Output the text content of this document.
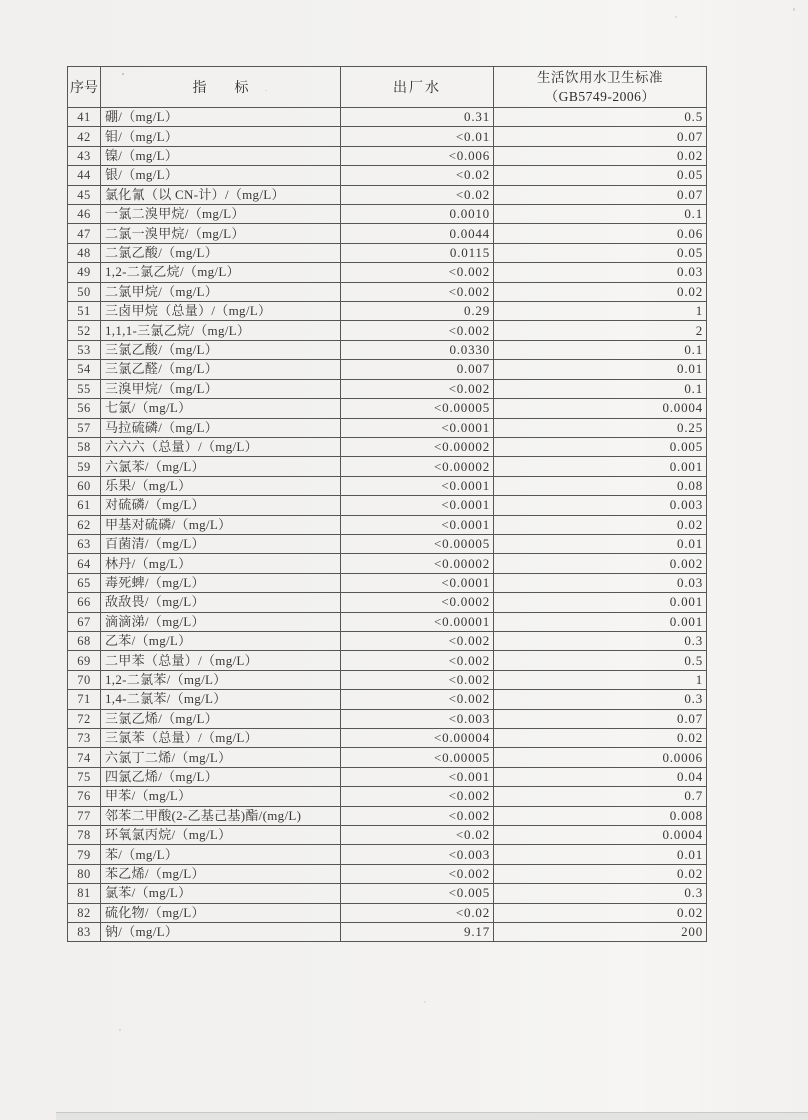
序号	指　　标	出厂水	生活饮用水卫生标准
（GB5749-2006）

41	硼/（mg/L）	0.31	0.5
42	钼/（mg/L）	<0.01	0.07
43	镍/（mg/L）	<0.006	0.02
44	银/（mg/L）	<0.02	0.05
45	氯化氰（以 CN-计）/（mg/L）	<0.02	0.07
46	一氯二溴甲烷/（mg/L）	0.0010	0.1
47	二氯一溴甲烷/（mg/L）	0.0044	0.06
48	二氯乙酸/（mg/L）	0.0115	0.05
49	1,2-二氯乙烷/（mg/L）	<0.002	0.03
50	二氯甲烷/（mg/L）	<0.002	0.02
51	三卤甲烷（总量）/（mg/L）	0.29	1
52	1,1,1-三氯乙烷/（mg/L）	<0.002	2
53	三氯乙酸/（mg/L）	0.0330	0.1
54	三氯乙醛/（mg/L）	0.007	0.01
55	三溴甲烷/（mg/L）	<0.002	0.1
56	七氯/（mg/L）	<0.00005	0.0004
57	马拉硫磷/（mg/L）	<0.0001	0.25
58	六六六（总量）/（mg/L）	<0.00002	0.005
59	六氯苯/（mg/L）	<0.00002	0.001
60	乐果/（mg/L）	<0.0001	0.08
61	对硫磷/（mg/L）	<0.0001	0.003
62	甲基对硫磷/（mg/L）	<0.0001	0.02
63	百菌清/（mg/L）	<0.00005	0.01
64	林丹/（mg/L）	<0.00002	0.002
65	毒死蜱/（mg/L）	<0.0001	0.03
66	敌敌畏/（mg/L）	<0.0002	0.001
67	滴滴涕/（mg/L）	<0.00001	0.001
68	乙苯/（mg/L）	<0.002	0.3
69	二甲苯（总量）/（mg/L）	<0.002	0.5
70	1,2-二氯苯/（mg/L）	<0.002	1
71	1,4-二氯苯/（mg/L）	<0.002	0.3
72	三氯乙烯/（mg/L）	<0.003	0.07
73	三氯苯（总量）/（mg/L）	<0.00004	0.02
74	六氯丁二烯/（mg/L）	<0.00005	0.0006
75	四氯乙烯/（mg/L）	<0.001	0.04
76	甲苯/（mg/L）	<0.002	0.7
77	邻苯二甲酸(2-乙基己基)酯/(mg/L)	<0.002	0.008
78	环氧氯丙烷/（mg/L）	<0.02	0.0004
79	苯/（mg/L）	<0.003	0.01
80	苯乙烯/（mg/L）	<0.002	0.02
81	氯苯/（mg/L）	<0.005	0.3
82	硫化物/（mg/L）	<0.02	0.02
83	钠/（mg/L）	9.17	200
